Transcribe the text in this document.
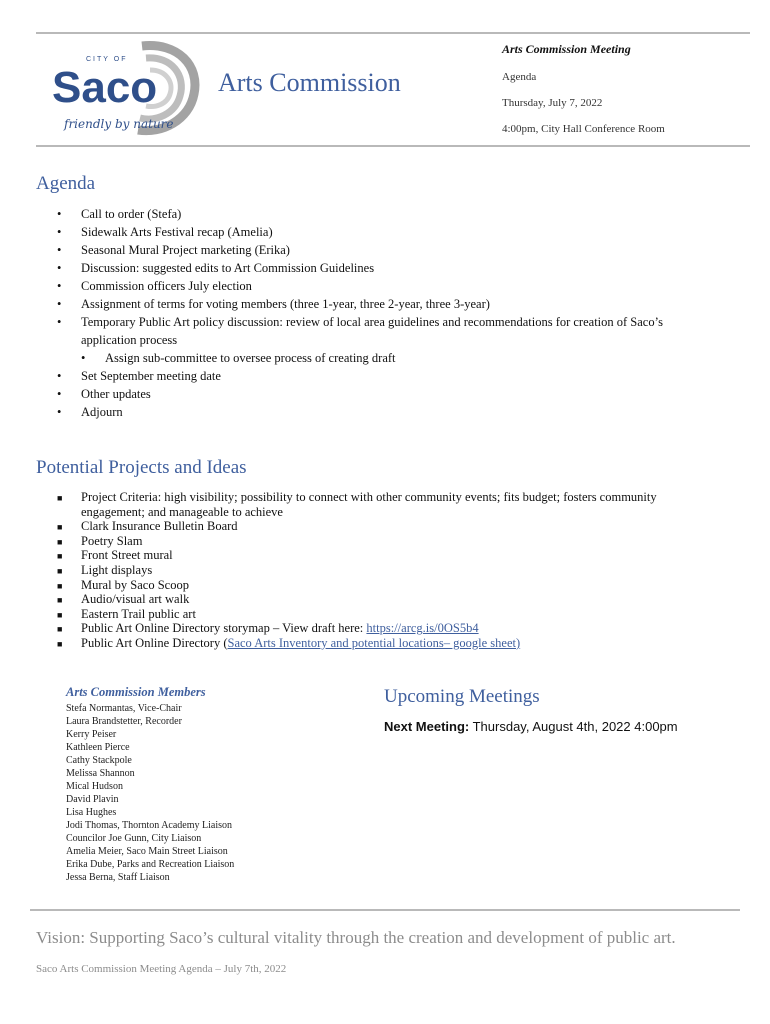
CITY OF
Saco
friendly by nature
Arts Commission
Arts Commission Meeting
Agenda
Thursday, July 7, 2022
4:00pm, City Hall Conference Room
Agenda
•	Call to order (Stefa)
•	Sidewalk Arts Festival recap (Amelia)
•	Seasonal Mural Project marketing (Erika)
•	Discussion: suggested edits to Art Commission Guidelines
•	Commission officers July election
•	Assignment of terms for voting members (three 1-year, three 2-year, three 3-year)
•	Temporary Public Art policy discussion: review of local area guidelines and recommendations for creation of Saco’s application process
•	Assign sub-committee to oversee process of creating draft
•	Set September meeting date
•	Other updates
•	Adjourn
Potential Projects and Ideas
■	Project Criteria: high visibility; possibility to connect with other community events; fits budget; fosters community engagement; and manageable to achieve
■	Clark Insurance Bulletin Board
■	Poetry Slam
■	Front Street mural
■	Light displays
■	Mural by Saco Scoop
■	Audio/visual art walk
■	Eastern Trail public art
■	Public Art Online Directory storymap – View draft here: https://arcg.is/0OS5b4
■	Public Art Online Directory (Saco Arts Inventory and potential locations– google sheet)
Arts Commission Members
Stefa Normantas, Vice-Chair
Laura Brandstetter, Recorder
Kerry Peiser
Kathleen Pierce
Cathy Stackpole
Melissa Shannon
Mical Hudson
David Plavin
Lisa Hughes
Jodi Thomas, Thornton Academy Liaison
Councilor Joe Gunn, City Liaison
Amelia Meier, Saco Main Street Liaison
Erika Dube, Parks and Recreation Liaison
Jessa Berna, Staff Liaison
Upcoming Meetings
Next Meeting: Thursday, August 4th, 2022 4:00pm
Vision: Supporting Saco’s cultural vitality through the creation and development of public art.
Saco Arts Commission Meeting Agenda – July 7th, 2022
